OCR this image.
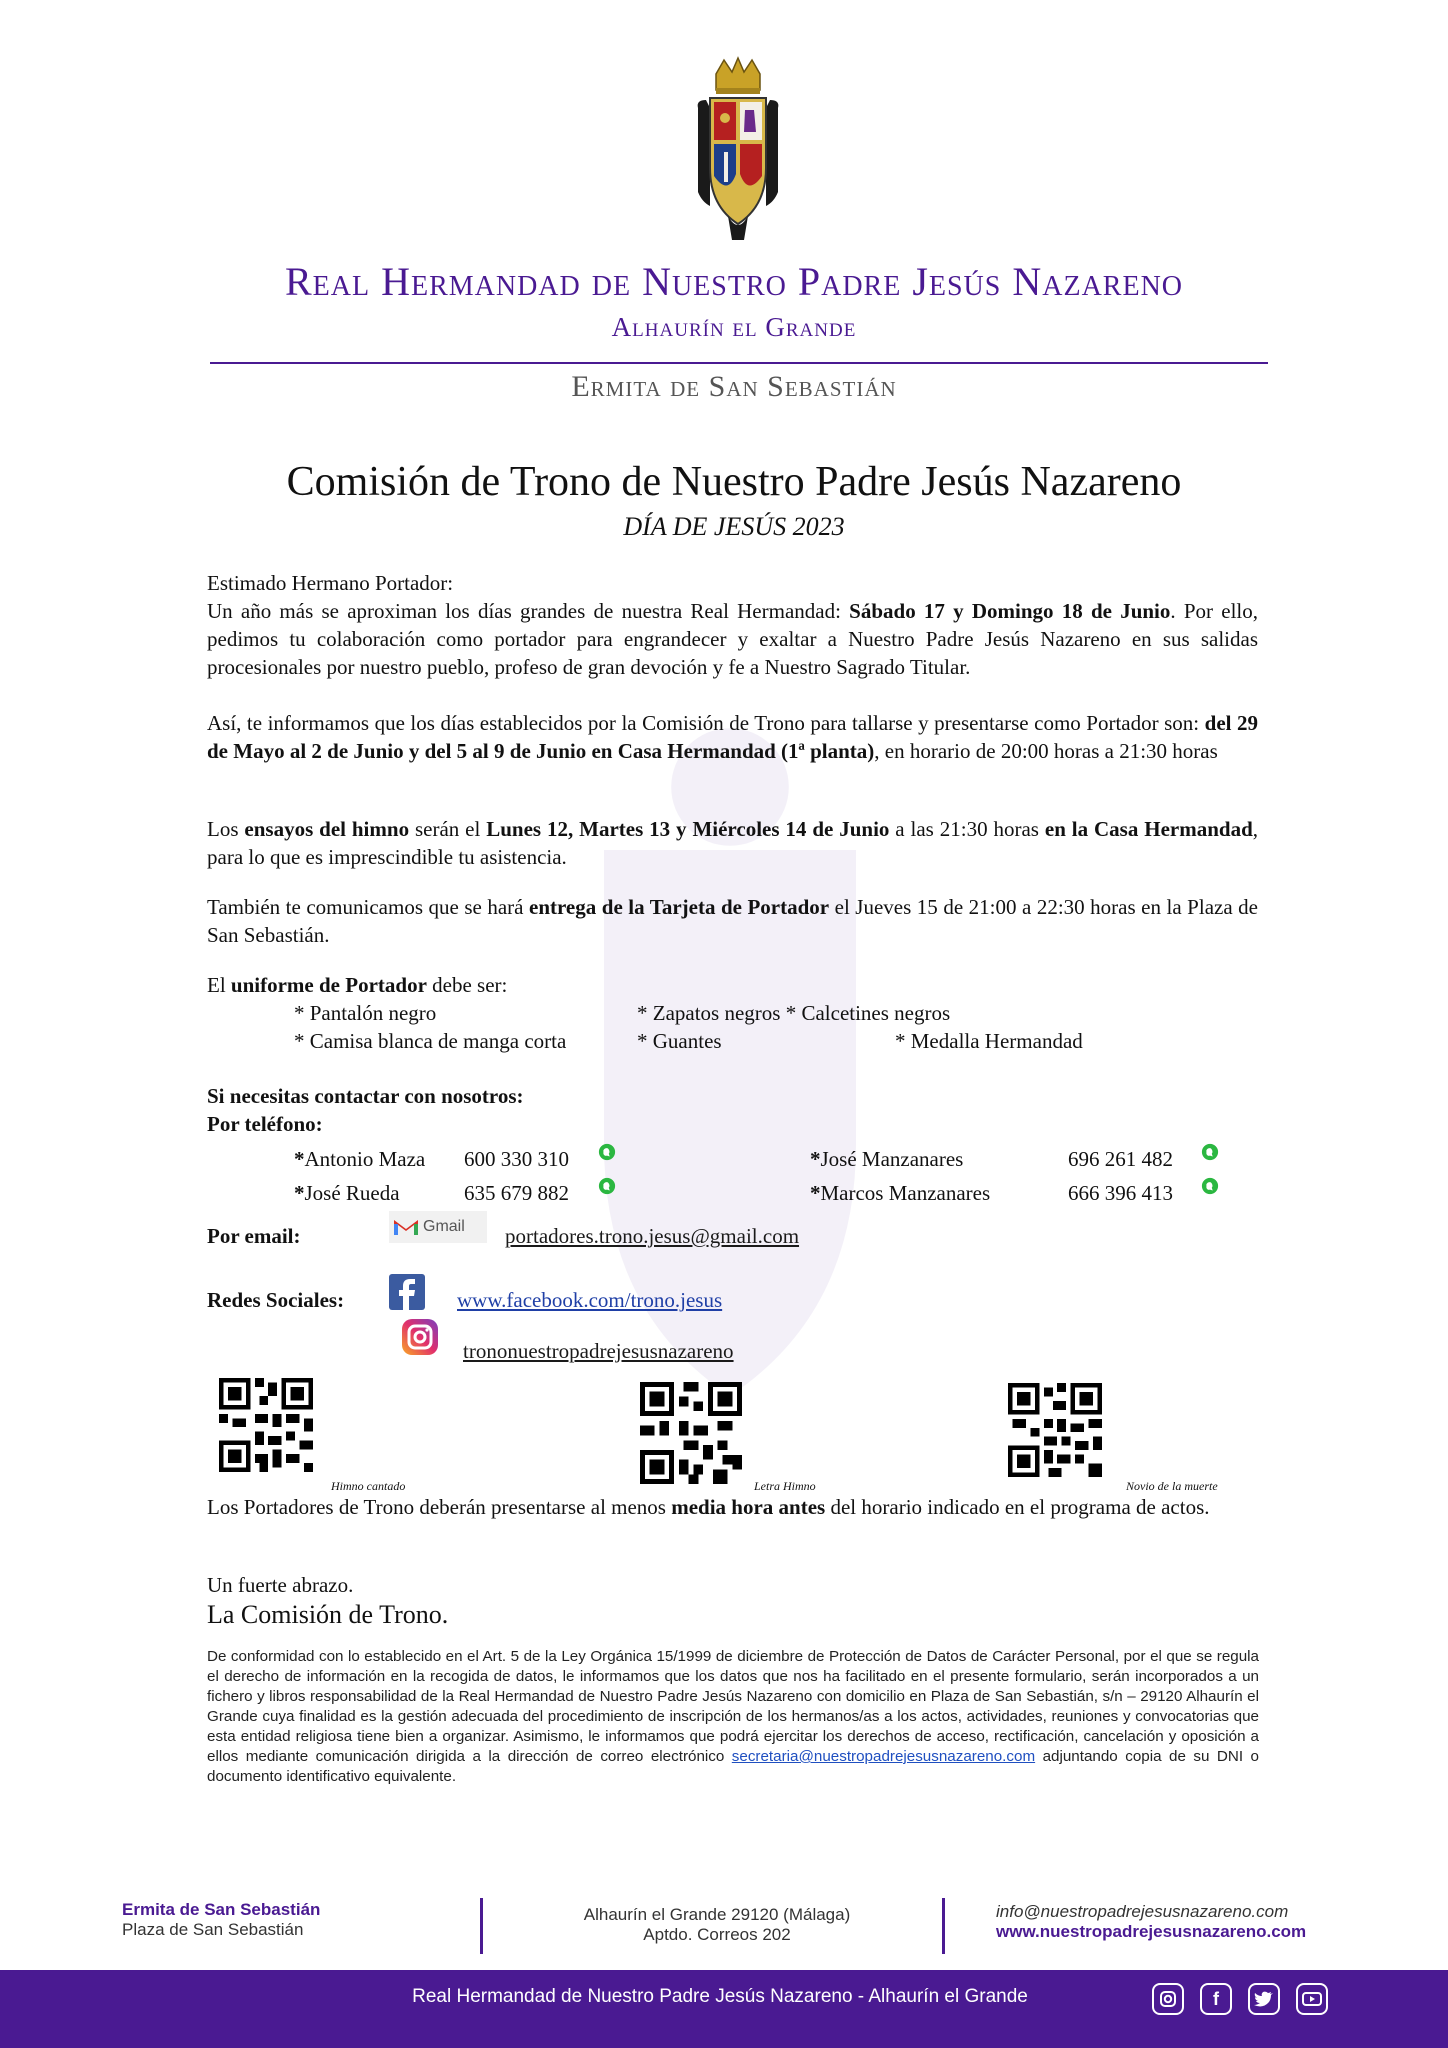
Real Hermandad de Nuestro Padre Jesús Nazareno
Alhaurín el Grande
Ermita de San Sebastián
Comisión de Trono de Nuestro Padre Jesús Nazareno
DÍA DE JESÚS 2023
Estimado Hermano Portador:
Un año más se aproximan los días grandes de nuestra Real Hermandad: Sábado 17 y Domingo 18 de Junio. Por ello, pedimos tu colaboración como portador para engrandecer y exaltar a Nuestro Padre Jesús Nazareno en sus salidas procesionales por nuestro pueblo, profeso de gran devoción y fe a Nuestro Sagrado Titular.
Así, te informamos que los días establecidos por la Comisión de Trono para tallarse y presentarse como Portador son: del 29 de Mayo al 2 de Junio y del 5 al 9 de Junio en Casa Hermandad (1ª planta), en horario de 20:00 horas a 21:30 horas
Los ensayos del himno serán el Lunes 12, Martes 13 y Miércoles 14 de Junio a las 21:30 horas en la Casa Hermandad, para lo que es imprescindible tu asistencia.
También te comunicamos que se hará entrega de la Tarjeta de Portador el Jueves 15 de 21:00 a 22:30 horas en la Plaza de San Sebastián.
El uniforme de Portador debe ser:
* Pantalón negro	* Zapatos negros * Calcetines negros
* Camisa blanca de manga corta	* Guantes	* Medalla Hermandad
Si necesitas contactar con nosotros:
Por teléfono:
*Antonio Maza 600 330 310	*José Manzanares	696 261 482
*José Rueda	635 679 882	*Marcos Manzanares	666 396 413
Por email:	Gmail portadores.trono.jesus@gmail.com
Redes Sociales:	www.facebook.com/trono.jesus
trononuestropadrejesusnazareno
Himno cantado	Letra Himno	Novio de la muerte
Los Portadores de Trono deberán presentarse al menos media hora antes del horario indicado en el programa de actos.
Un fuerte abrazo.
La Comisión de Trono.
De conformidad con lo establecido en el Art. 5 de la Ley Orgánica 15/1999 de diciembre de Protección de Datos de Carácter Personal, por el que se regula el derecho de información en la recogida de datos, le informamos que los datos que nos ha facilitado en el presente formulario, serán incorporados a un fichero y libros responsabilidad de la Real Hermandad de Nuestro Padre Jesús Nazareno con domicilio en Plaza de San Sebastián, s/n – 29120 Alhaurín el Grande cuya finalidad es la gestión adecuada del procedimiento de inscripción de los hermanos/as a los actos, actividades, reuniones y convocatorias que esta entidad religiosa tiene bien a organizar. Asimismo, le informamos que podrá ejercitar los derechos de acceso, rectificación, cancelación y oposición a ellos mediante comunicación dirigida a la dirección de correo electrónico secretaria@nuestropadrejesusnazareno.com adjuntando copia de su DNI o documento identificativo equivalente.
Ermita de San Sebastián
Plaza de San Sebastián
Alhaurín el Grande 29120 (Málaga)
Aptdo. Correos 202
info@nuestropadrejesusnazareno.com
www.nuestropadrejesusnazareno.com
Real Hermandad de Nuestro Padre Jesús Nazareno - Alhaurín el Grande	f
